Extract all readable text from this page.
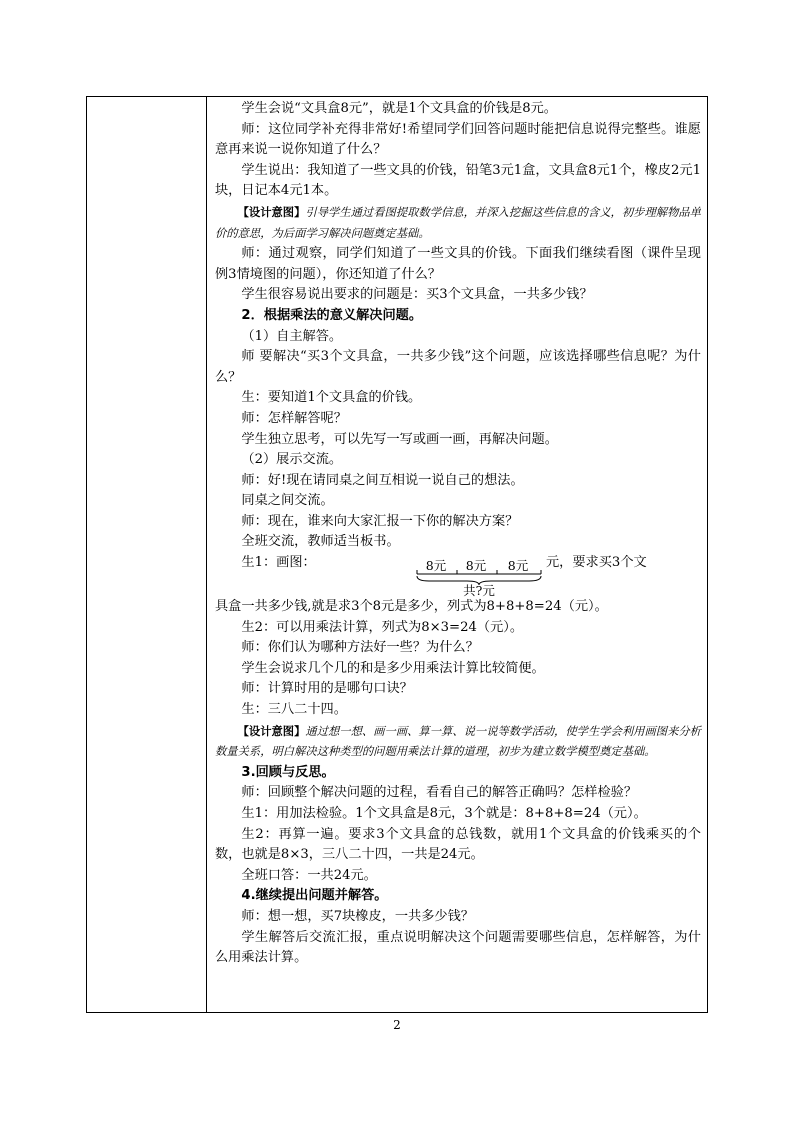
学生会说“文具盒8元”，就是1个文具盒的价钱是8元。

师：这位同学补充得非常好!希望同学们回答问题时能把信息说得完整些。谁愿意再来说一说你知道了什么？

学生说出：我知道了一些文具的价钱，铅笔3元1盒，文具盒8元1个，橡皮2元1块，日记本4元1本。

【设计意图】引导学生通过看图提取数学信息，并深入挖掘这些信息的含义，初步理解物品单价的意思，为后面学习解决问题奠定基础。

师：通过观察，同学们知道了一些文具的价钱。下面我们继续看图（课件呈现例3情境图的问题），你还知道了什么？

学生很容易说出要求的问题是：买3个文具盒，一共多少钱？

2．根据乘法的意义解决问题。

（1）自主解答。

师 要解决“买3个文具盒，一共多少钱”这个问题，应该选择哪些信息呢？为什么？

生：要知道1个文具盒的价钱。

师：怎样解答呢？

学生独立思考，可以先写一写或画一画，再解决问题。

（2）展示交流。

师：好!现在请同桌之间互相说一说自己的想法。

同桌之间交流。

师：现在，谁来向大家汇报一下你的解决方案？

全班交流，教师适当板书。

生1：画图：	8元 8元 8元
共?元
元，要求买3个文

具盒一共多少钱,就是求3个8元是多少，列式为8+8+8=24（元）。

生2：可以用乘法计算，列式为8×3=24（元）。

师：你们认为哪种方法好一些？为什么？

学生会说求几个几的和是多少用乘法计算比较简便。

师：计算时用的是哪句口诀？

生：三八二十四。

【设计意图】通过想一想、画一画、算一算、说一说等数学活动，使学生学会利用画图来分析数量关系，明白解决这种类型的问题用乘法计算的道理，初步为建立数学模型奠定基础。

3.回顾与反思。

师：回顾整个解决问题的过程，看看自己的解答正确吗？怎样检验？

生1：用加法检验。1个文具盒是8元，3个就是：8+8+8=24（元）。

生2：再算一遍。要求3个文具盒的总钱数，就用1个文具盒的价钱乘买的个数，也就是8×3，三八二十四，一共是24元。

全班口答：一共24元。

4.继续提出问题并解答。

师：想一想，买7块橡皮，一共多少钱？

学生解答后交流汇报，重点说明解决这个问题需要哪些信息，怎样解答，为什么用乘法计算。

2
